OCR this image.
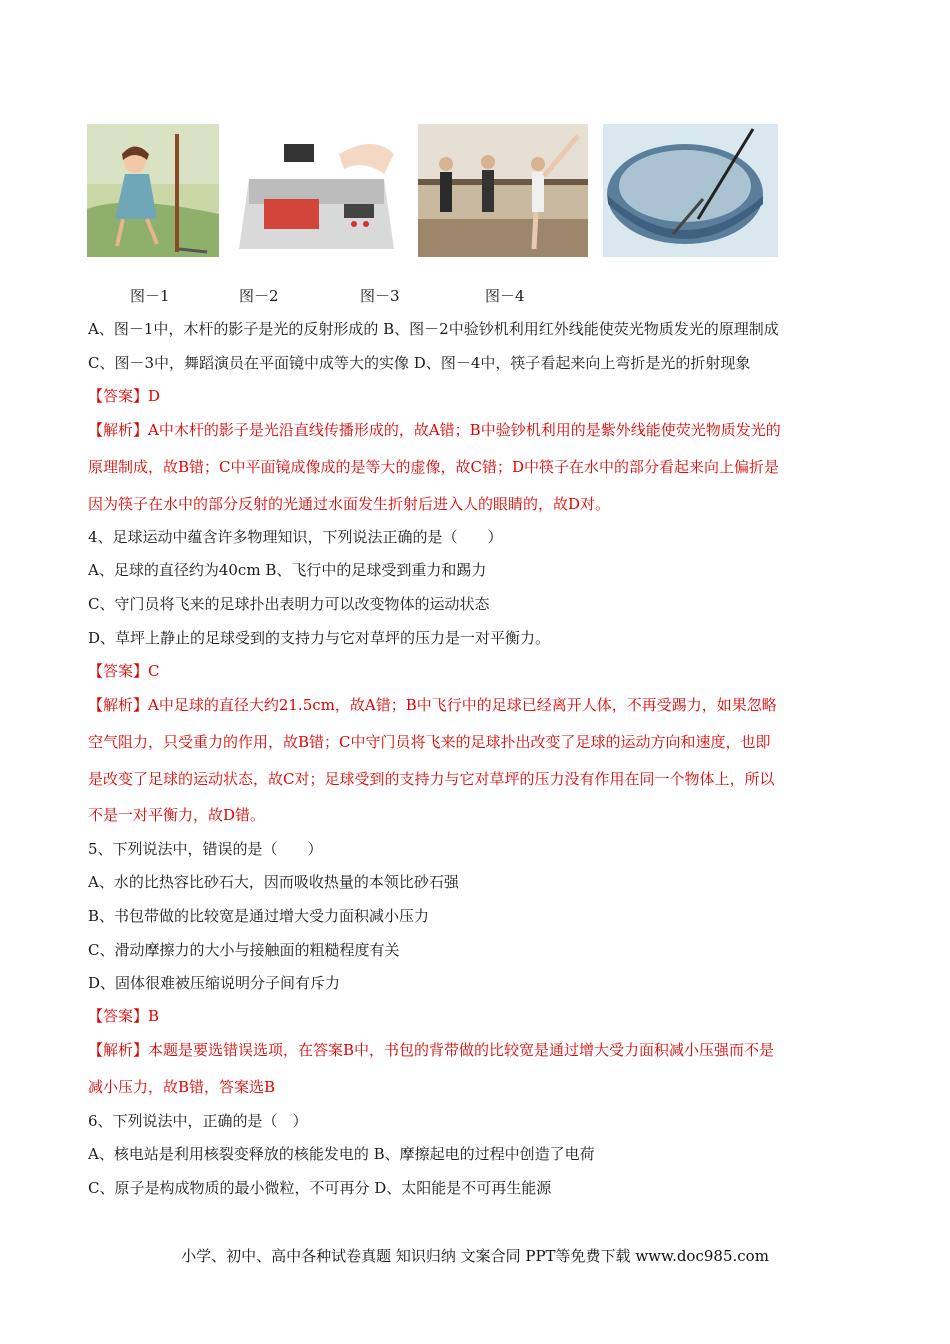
图－1	图－2	图－3	图－4
A、图－1中，木杆的影子是光的反射形成的 B、图－2中验钞机利用红外线能使荧光物质发光的原理制成
C、图－3中，舞蹈演员在平面镜中成等大的实像 D、图－4中，筷子看起来向上弯折是光的折射现象
【答案】D
【解析】A中木杆的影子是光沿直线传播形成的，故A错；B中验钞机利用的是紫外线能使荧光物质发光的
原理制成，故B错；C中平面镜成像成的是等大的虚像，故C错；D中筷子在水中的部分看起来向上偏折是
因为筷子在水中的部分反射的光通过水面发生折射后进入人的眼睛的，故D对。
4、足球运动中蕴含许多物理知识，下列说法正确的是（　　）
A、足球的直径约为40cm B、飞行中的足球受到重力和踢力
C、守门员将飞来的足球扑出表明力可以改变物体的运动状态
D、草坪上静止的足球受到的支持力与它对草坪的压力是一对平衡力。
【答案】C
【解析】A中足球的直径大约21.5cm，故A错；B中飞行中的足球已经离开人体，不再受踢力，如果忽略
空气阻力，只受重力的作用，故B错；C中守门员将飞来的足球扑出改变了足球的运动方向和速度，也即
是改变了足球的运动状态，故C对；足球受到的支持力与它对草坪的压力没有作用在同一个物体上，所以
不是一对平衡力，故D错。
5、下列说法中，错误的是（　　）
A、水的比热容比砂石大，因而吸收热量的本领比砂石强
B、书包带做的比较宽是通过增大受力面积减小压力
C、滑动摩擦力的大小与接触面的粗糙程度有关
D、固体很难被压缩说明分子间有斥力
【答案】B
【解析】本题是要选错误选项，在答案B中，书包的背带做的比较宽是通过增大受力面积减小压强而不是
减小压力，故B错，答案选B
6、下列说法中，正确的是（　）
A、核电站是利用核裂变释放的核能发电的 B、摩擦起电的过程中创造了电荷
C、原子是构成物质的最小微粒，不可再分 D、太阳能是不可再生能源
小学、初中、高中各种试卷真题 知识归纳 文案合同 PPT等免费下载 www.doc985.com
